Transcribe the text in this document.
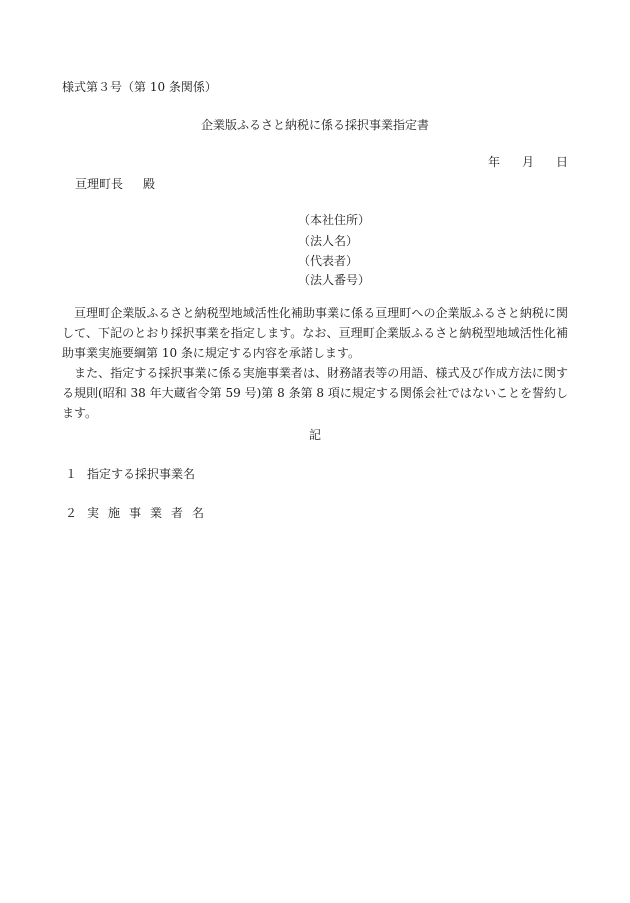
様式第３号（第 10 条関係）
企業版ふるさと納税に係る採択事業指定書
年 月 日
亘理町長 殿
（本社住所）
（法人名）
（代表者）
（法人番号）
亘理町企業版ふるさと納税型地域活性化補助事業に係る亘理町への企業版ふるさと納税に関して、下記のとおり採択事業を指定します。なお、亘理町企業版ふるさと納税型地域活性化補助事業実施要綱第 10 条に規定する内容を承諾します。
また、指定する採択事業に係る実施事業者は、財務諸表等の用語、様式及び作成方法に関する規則(昭和 38 年大蔵省令第 59 号)第 8 条第 8 項に規定する関係会社ではないことを誓約します。
記
１ 指定する採択事業名
２ 実施事業者名
